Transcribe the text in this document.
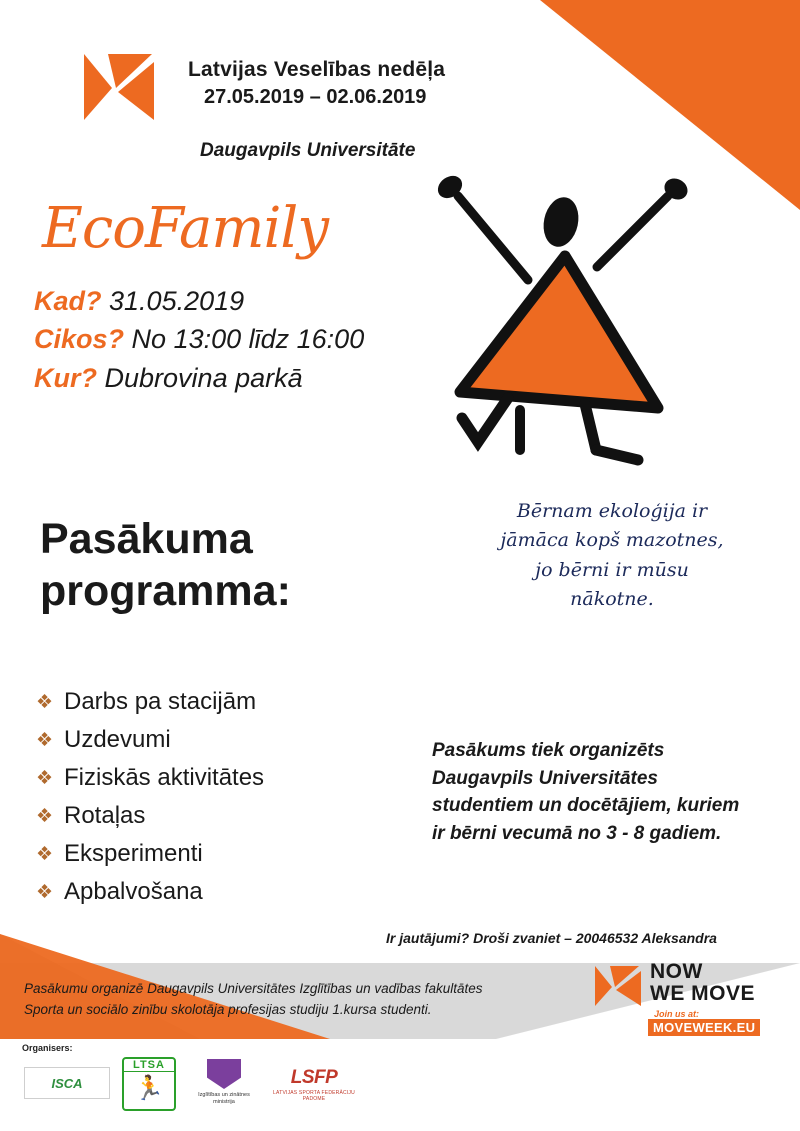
Latvijas Veselības nedēļa
27.05.2019 – 02.06.2019
Daugavpils Universitāte
EcoFamily
Kad? 31.05.2019
Cikos? No 13:00 līdz 16:00
Kur? Dubrovina parkā
Bērnam ekoloģija ir
jāmāca kopš mazotnes,
jo bērni ir mūsu
nākotne.
Pasākuma
programma:
❖ Darbs pa stacijām
❖ Uzdevumi
❖ Fiziskās aktivitātes
❖ Rotaļas
❖ Eksperimenti
❖ Apbalvošana
Pasākums tiek organizēts
Daugavpils Universitātes
studentiem un docētājiem, kuriem
ir bērni vecumā no 3 - 8 gadiem.
Ir jautājumi? Droši zvaniet – 20046532 Aleksandra
Pasākumu organizē Daugavpils Universitātes Izglītības un vadības fakultātes
Sporta un sociālo zinību skolotāja profesijas studiju 1.kursa studenti.
NOW
WE MOVE
Join us at:
MOVEWEEK.EU
Organisers:
ISCA
LTSA
🏃	Izglītības un zinātnes ministrija
LSFP
LATVIJAS SPORTA FEDERĀCIJU PADOME
